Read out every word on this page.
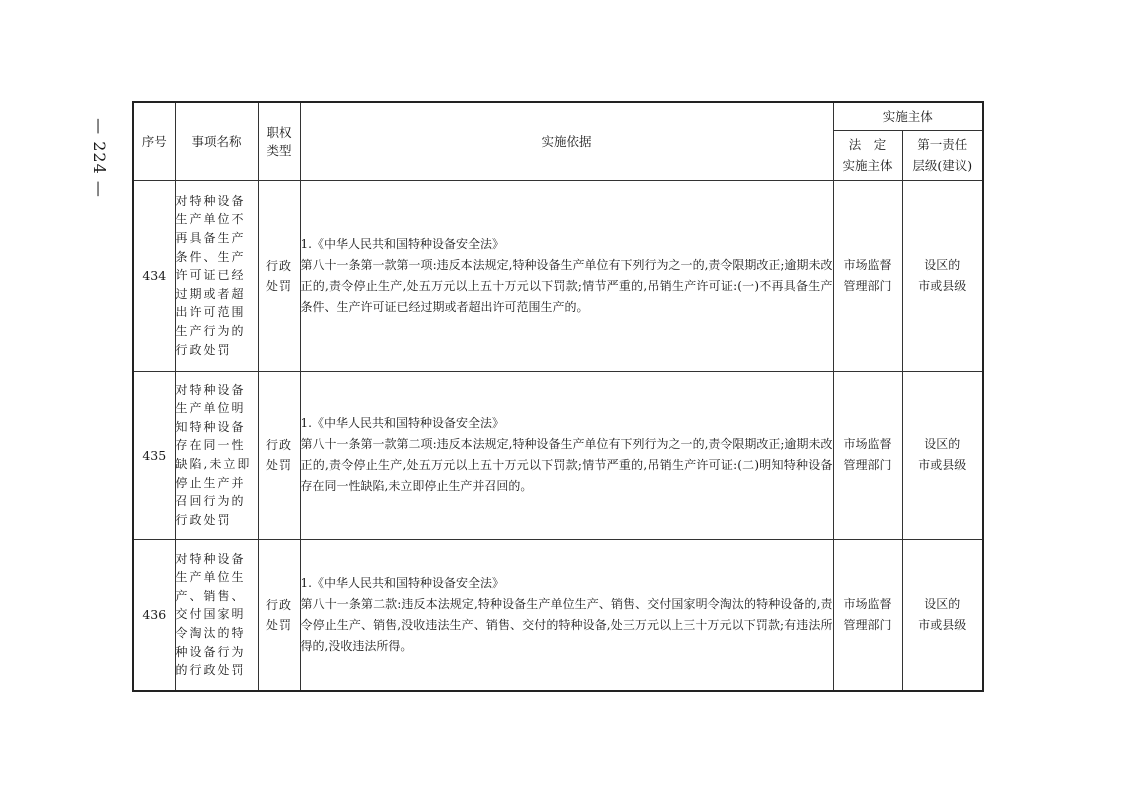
— 224 —	序号	事项名称	职权
类型	实施依据	实施主体	

				法　定
实施主体	第一责任
层级(建议)

434	对特种设备生产单位不再具备生产条件、生产许可证已经过期或者超出许可范围生产行为的行政处罚	行政
处罚	1.《中华人民共和国特种设备安全法》
第八十一条第一款第一项:违反本法规定,特种设备生产单位有下列行为之一的,责令限期改正;逾期未改正的,责令停止生产,处五万元以上五十万元以下罚款;情节严重的,吊销生产许可证:(一)不再具备生产条件、生产许可证已经过期或者超出许可范围生产的。	市场监督
管理部门	设区的
市或县级

435	对特种设备生产单位明知特种设备存在同一性缺陷,未立即停止生产并召回行为的行政处罚	行政
处罚	1.《中华人民共和国特种设备安全法》
第八十一条第一款第二项:违反本法规定,特种设备生产单位有下列行为之一的,责令限期改正;逾期未改正的,责令停止生产,处五万元以上五十万元以下罚款;情节严重的,吊销生产许可证:(二)明知特种设备存在同一性缺陷,未立即停止生产并召回的。	市场监督
管理部门	设区的
市或县级

436	对特种设备生产单位生产、销售、交付国家明令淘汰的特种设备行为的行政处罚	行政
处罚	1.《中华人民共和国特种设备安全法》
第八十一条第二款:违反本法规定,特种设备生产单位生产、销售、交付国家明令淘汰的特种设备的,责令停止生产、销售,没收违法生产、销售、交付的特种设备,处三万元以上三十万元以下罚款;有违法所得的,没收违法所得。	市场监督
管理部门	设区的
市或县级
